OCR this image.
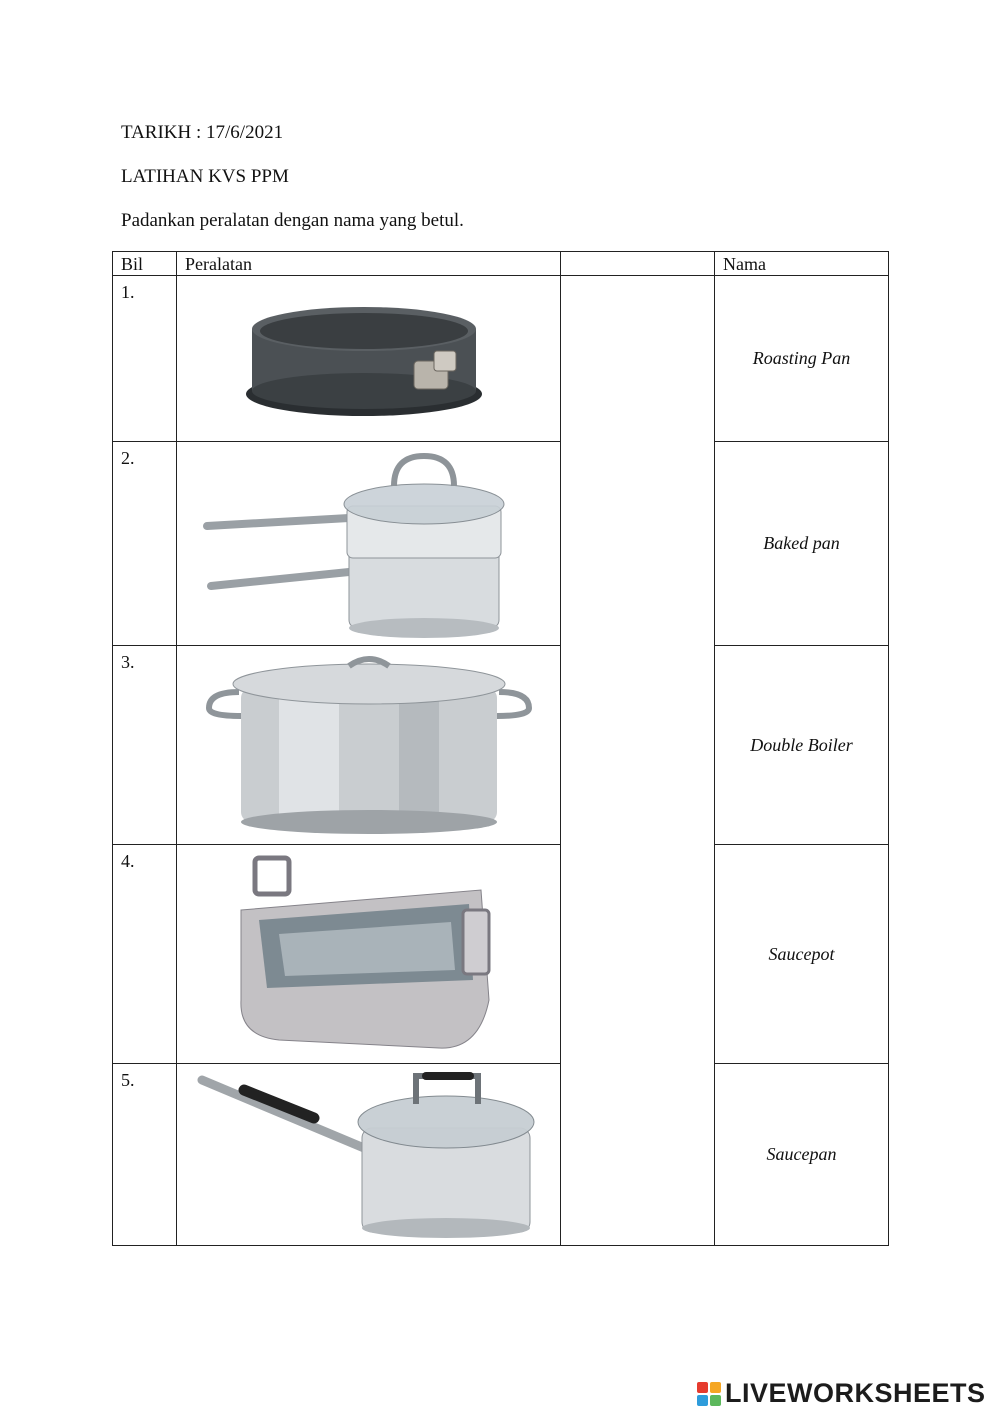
TARIKH : 17/6/2021
LATIHAN KVS PPM
Padankan peralatan dengan nama yang betul.
Bil	Peralatan		Nama
1.			Roasting Pan
2.			Baked pan
3.			Double Boiler
4.			Saucepot
5.			Saucepan
LIVEWORKSHEETS
